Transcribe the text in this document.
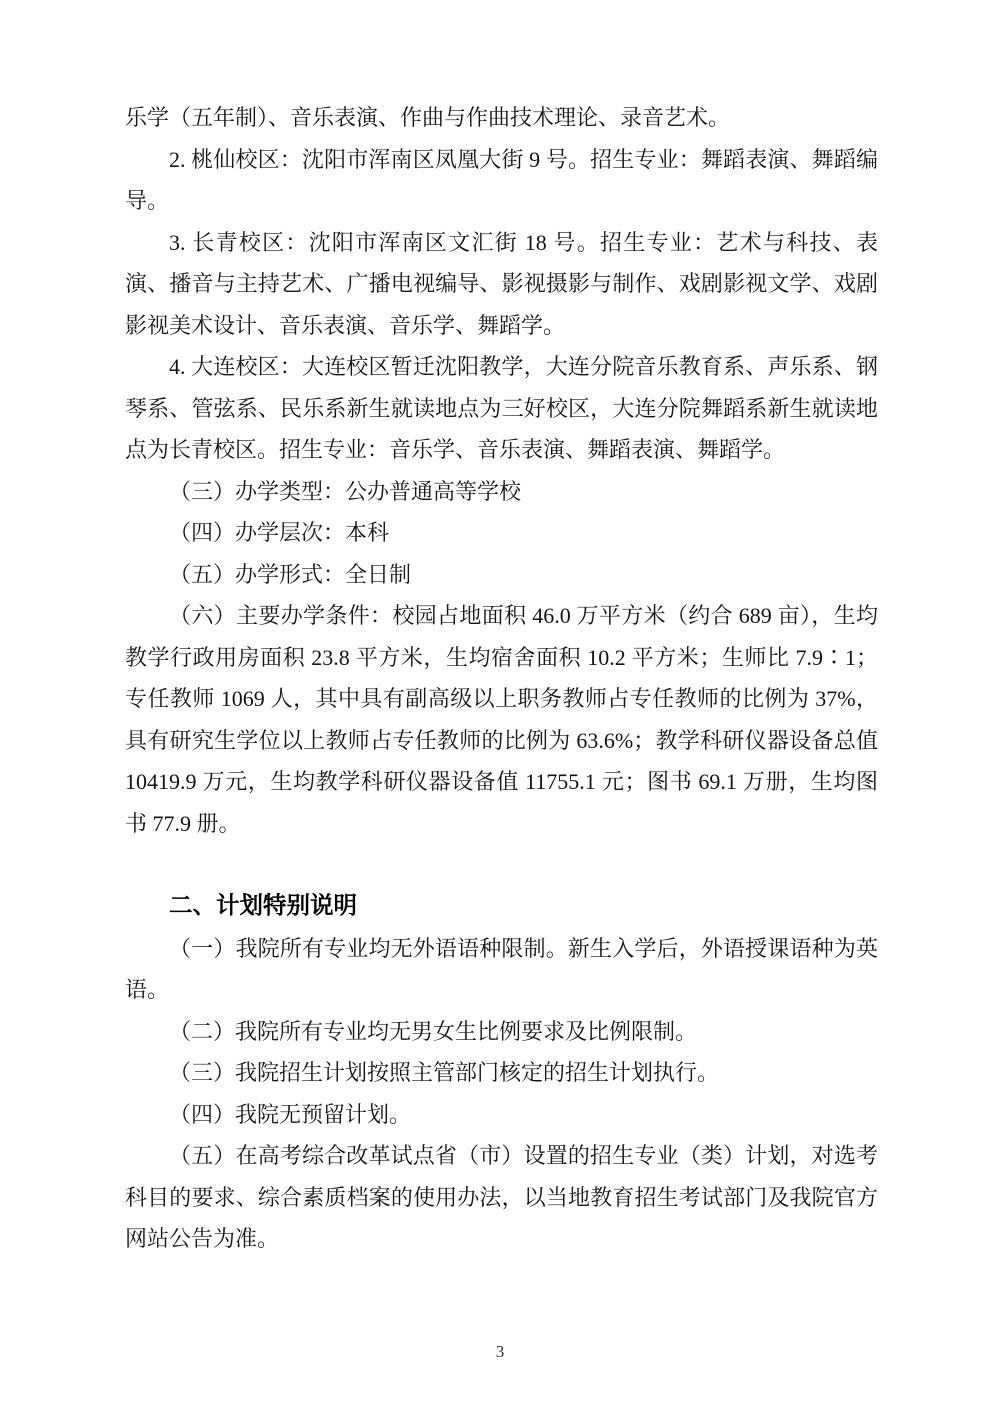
乐学（五年制）、音乐表演、作曲与作曲技术理论、录音艺术。

2. 桃仙校区：沈阳市浑南区凤凰大街 9 号。招生专业：舞蹈表演、舞蹈编导。

3. 长青校区：沈阳市浑南区文汇街 18 号。招生专业：艺术与科技、表演、播音与主持艺术、广播电视编导、影视摄影与制作、戏剧影视文学、戏剧影视美术设计、音乐表演、音乐学、舞蹈学。

4. 大连校区：大连校区暂迁沈阳教学，大连分院音乐教育系、声乐系、钢琴系、管弦系、民乐系新生就读地点为三好校区，大连分院舞蹈系新生就读地点为长青校区。招生专业：音乐学、音乐表演、舞蹈表演、舞蹈学。

（三）办学类型：公办普通高等学校

（四）办学层次：本科

（五）办学形式：全日制

（六）主要办学条件：校园占地面积 46.0 万平方米（约合 689 亩），生均教学行政用房面积 23.8 平方米，生均宿舍面积 10.2 平方米；生师比 7.9∶1；专任教师 1069 人，其中具有副高级以上职务教师占专任教师的比例为 37%，具有研究生学位以上教师占专任教师的比例为 63.6%；教学科研仪器设备总值 10419.9 万元，生均教学科研仪器设备值 11755.1 元；图书 69.1 万册，生均图书 77.9 册。

二、计划特别说明

（一）我院所有专业均无外语语种限制。新生入学后，外语授课语种为英语。

（二）我院所有专业均无男女生比例要求及比例限制。

（三）我院招生计划按照主管部门核定的招生计划执行。

（四）我院无预留计划。

（五）在高考综合改革试点省（市）设置的招生专业（类）计划，对选考科目的要求、综合素质档案的使用办法，以当地教育招生考试部门及我院官方网站公告为准。

3
